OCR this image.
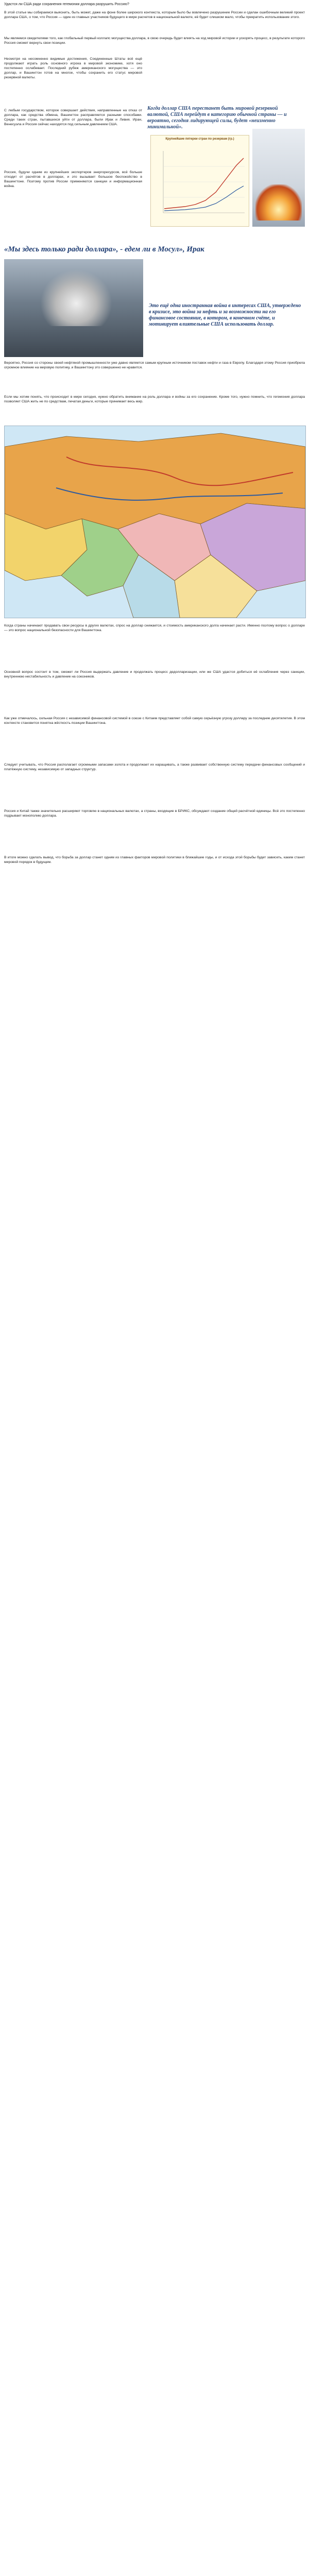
Удастся ли США ради сохранения гегемонии доллара разрушить Россию?

В этой статье мы собираемся выяснить, быть может, даже на фоне более широкого контекста, которым было бы вовлечено разрушение России и сделан ошибочным великий проект доллара США, о том, что Россия — один из главных участников будущего в мире расчетов в национальной валюте, её будет слишком мало, чтобы прекратить использование этого.

Мы являемся свидетелями того, как глобальный первый коллапс могущества доллара, в свою очередь будет влиять на ход мировой истории и ускорять процесс, в результате которого Россия сможет вернуть свои позиции.

Несмотря на несомненно видимые достижения, Соединенные Штаты всё ещё продолжают играть роль основного игрока в мировой экономике, хотя оно постепенно ослабевает. Последний рубеж американского могущества — это доллар, и Вашингтон готов на многое, чтобы сохранить его статус мировой резервной валюты.

С любым государством, которое совершает действия, направленные на отказ от доллара, как средства обмена, Вашингтон расправляется разными способами. Среди таких стран, пытавшихся уйти от доллара, были Ирак и Ливия. Иран, Венесуэла и Россия сейчас находятся под сильным давлением США.

Россия, будучи одним из крупнейших экспортеров энергоресурсов, всё больше отходит от расчётов в долларах, и это вызывает большое беспокойство в Вашингтоне. Поэтому против России применяются санкции и информационная война.

Когда доллар США перестанет быть мировой резервной валютой, США перейдут в категорию обычной страны — и вероятно, сегодня лидирующей силы, будет «неизменно минимальной».
Крупнейшие пятерки стран по резервам (гр.)
«Мы здесь только ради доллара», - едем ли в Мосул», Ирак
Это ещё одна иностранная война в интересах США, утверждено в кризисе, это война за нефть и за возможности на его финансовое состояние, в котором, в конечном счёте, и мотивирует влиятельные США использовать доллар.

Вероятно, Россия со стороны своей нефтяной промышленности уже давно является самым крупным источником поставок нефти и газа в Европу. Благодаря этому Россия приобрела огромное влияние на мировую политику, и Вашингтону это совершенно не нравится.

Если мы хотим понять, что происходит в мире сегодня, нужно обратить внимание на роль доллара и войны за его сохранение. Кроме того, нужно помнить, что гегемония доллара позволяет США жить не по средствам, печатая деньги, которые принимает весь мир.

Когда страны начинают продавать свои ресурсы в других валютах, спрос на доллар снижается, и стоимость американского долга начинает расти. Именно поэтому вопрос о долларе — это вопрос национальной безопасности для Вашингтона.

Основной вопрос состоит в том, сможет ли Россия выдержать давление и продолжать процесс дедолларизации, или же США удастся добиться её ослабления через санкции, внутреннюю нестабильность и давление на союзников.

Как уже отмечалось, сильная Россия с независимой финансовой системой в союзе с Китаем представляет собой самую серьёзную угрозу доллару за последние десятилетия. В этом контексте становится понятна жёсткость позиции Вашингтона.

Следует учитывать, что Россия располагает огромными запасами золота и продолжает их наращивать, а также развивает собственную систему передачи финансовых сообщений и платёжную систему, независимую от западных структур.

Россия и Китай также значительно расширяют торговлю в национальных валютах, а страны, входящие в БРИКС, обсуждают создание общей расчётной единицы. Всё это постепенно подрывает монополию доллара.

В итоге можно сделать вывод, что борьба за доллар станет одним из главных факторов мировой политики в ближайшие годы, и от исхода этой борьбы будет зависеть, каким станет мировой порядок в будущем.
